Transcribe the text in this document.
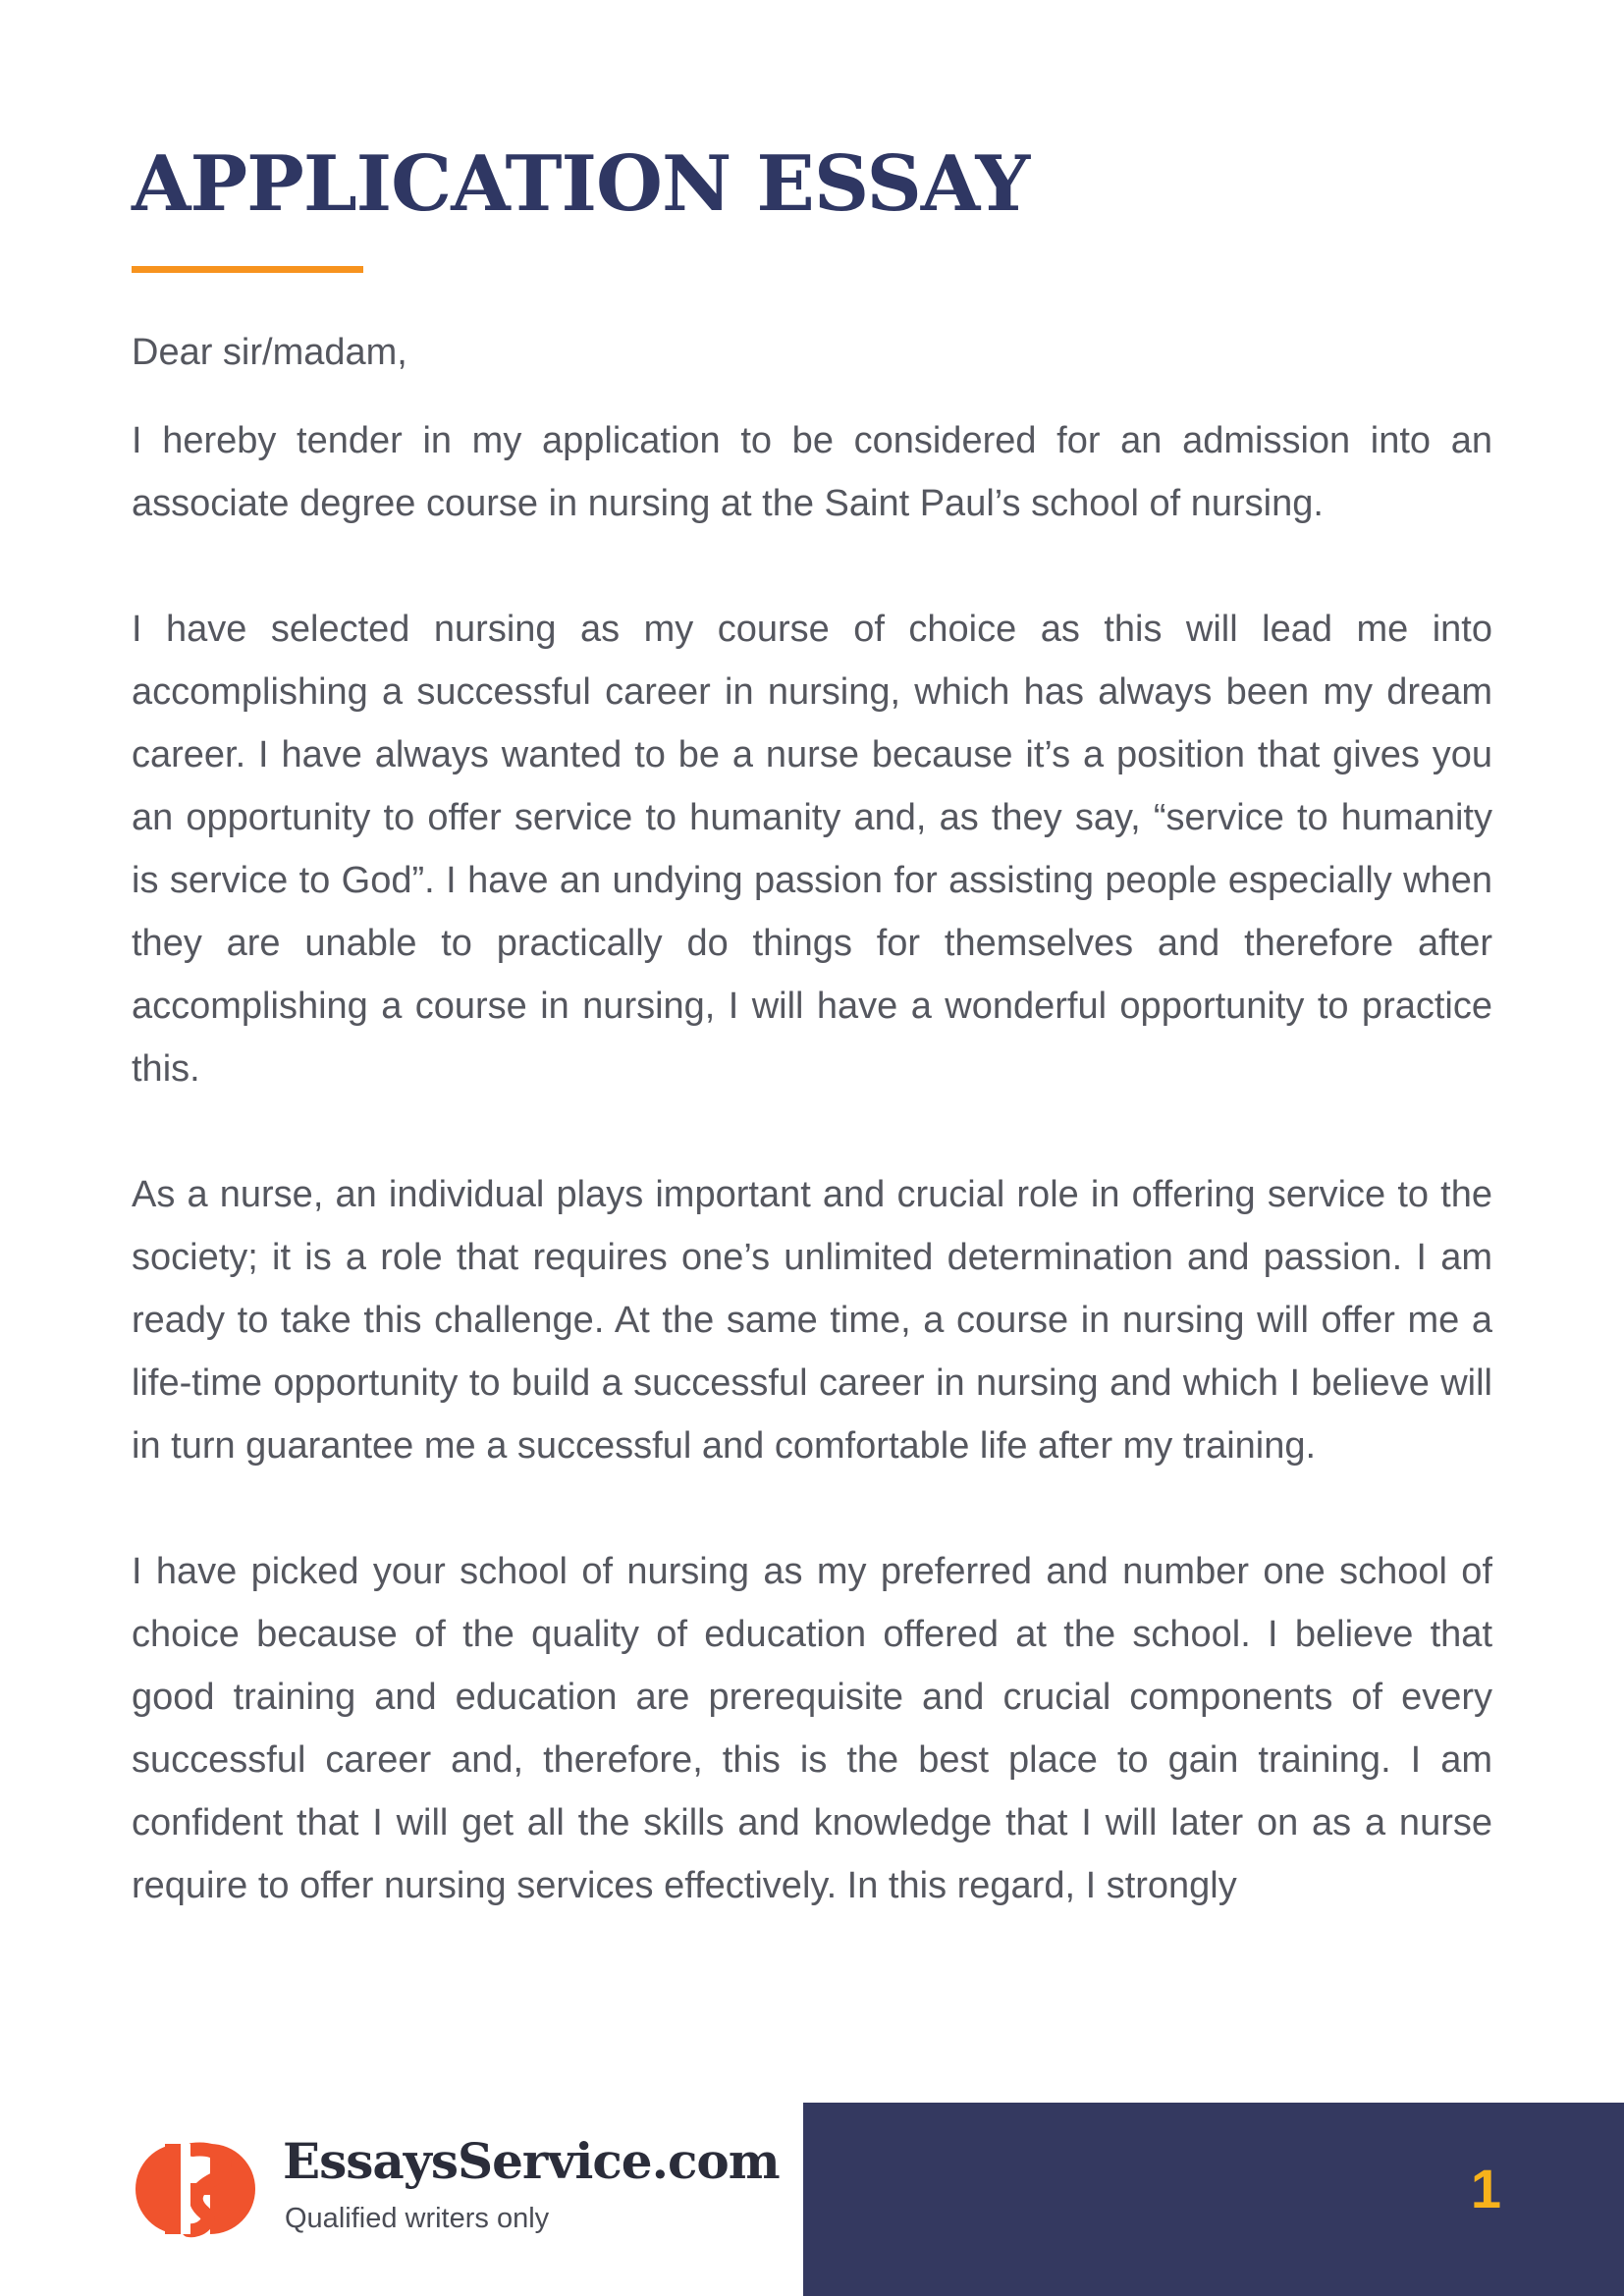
APPLICATION ESSAY

Dear sir/madam,

I hereby tender in my application to be considered for an admission into an associate degree course in nursing at the Saint Paul’s school of nursing.

I have selected nursing as my course of choice as this will lead me into accomplishing a successful career in nursing, which has always been my dream career. I have always wanted to be a nurse because it’s a position that gives you an opportunity to offer service to humanity and, as they say, “service to humanity is service to God”. I have an undying passion for assisting people especially when they are unable to practically do things for themselves and therefore after accomplishing a course in nursing, I will have a wonderful opportunity to practice this.

As a nurse, an individual plays important and crucial role in offering service to the society; it is a role that requires one’s unlimited determination and passion. I am ready to take this challenge. At the same time, a course in nursing will offer me a life-time opportunity to build a successful career in nursing and which I believe will in turn guarantee me a successful and comfortable life after my training.

I have picked your school of nursing as my preferred and number one school of choice because of the quality of education offered at the school. I believe that good training and education are prerequisite and crucial components of every successful career and, therefore, this is the best place to gain training. I am confident that I will get all the skills and knowledge that I will later on as a nurse require to offer nursing services effectively. In this regard, I strongly

EssaysService.com
Qualified writers only	1
